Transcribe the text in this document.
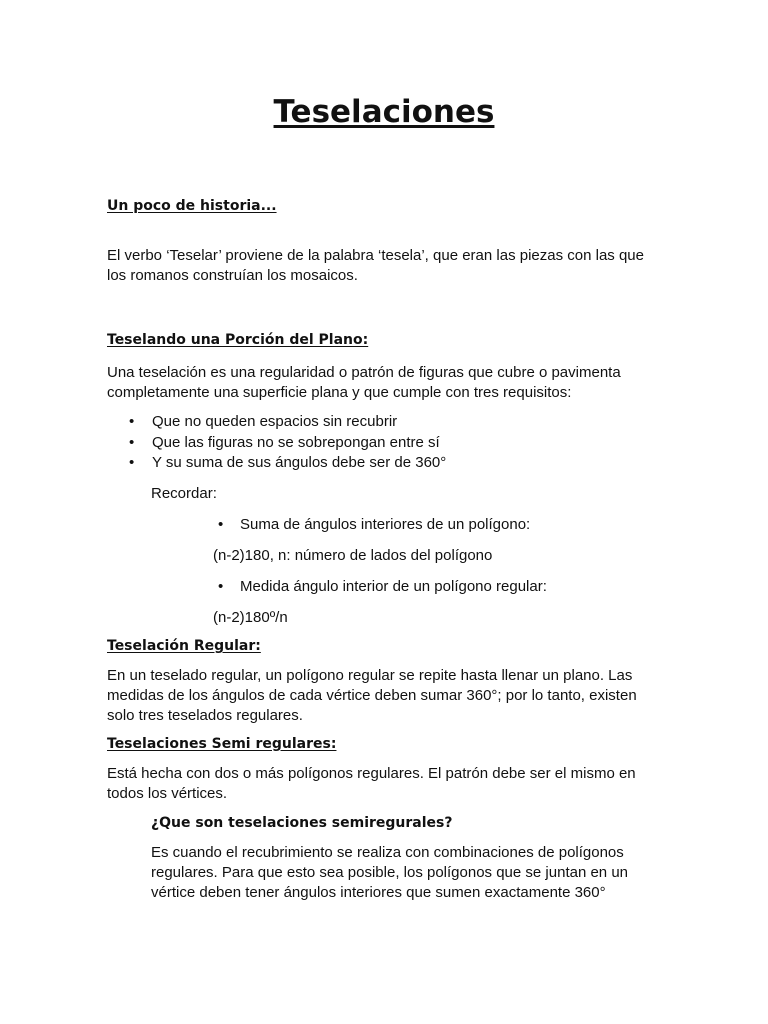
Teselaciones
Un poco de historia...
El verbo ‘Teselar’ proviene de la palabra ‘tesela’, que eran las piezas con las que
los romanos construían los mosaicos.
Teselando una Porción del Plano:
Una teselación es una regularidad o patrón de figuras que cubre o pavimenta
completamente una superficie plana y que cumple con tres requisitos:
• Que no queden espacios sin recubrir
• Que las figuras no se sobrepongan entre sí
• Y su suma de sus ángulos debe ser de 360°
Recordar:
• Suma de ángulos interiores de un polígono:
(n-2)180, n: número de lados del polígono
• Medida ángulo interior de un polígono regular:
(n-2)180º/n
Teselación Regular:
En un teselado regular, un polígono regular se repite hasta llenar un plano. Las
medidas de los ángulos de cada vértice deben sumar 360°; por lo tanto, existen
solo tres teselados regulares.
Teselaciones Semi regulares:
Está hecha con dos o más polígonos regulares. El patrón debe ser el mismo en
todos los vértices.
¿Que son teselaciones semiregurales?
Es cuando el recubrimiento se realiza con combinaciones de polígonos
regulares. Para que esto sea posible, los polígonos que se juntan en un
vértice deben tener ángulos interiores que sumen exactamente 360°
